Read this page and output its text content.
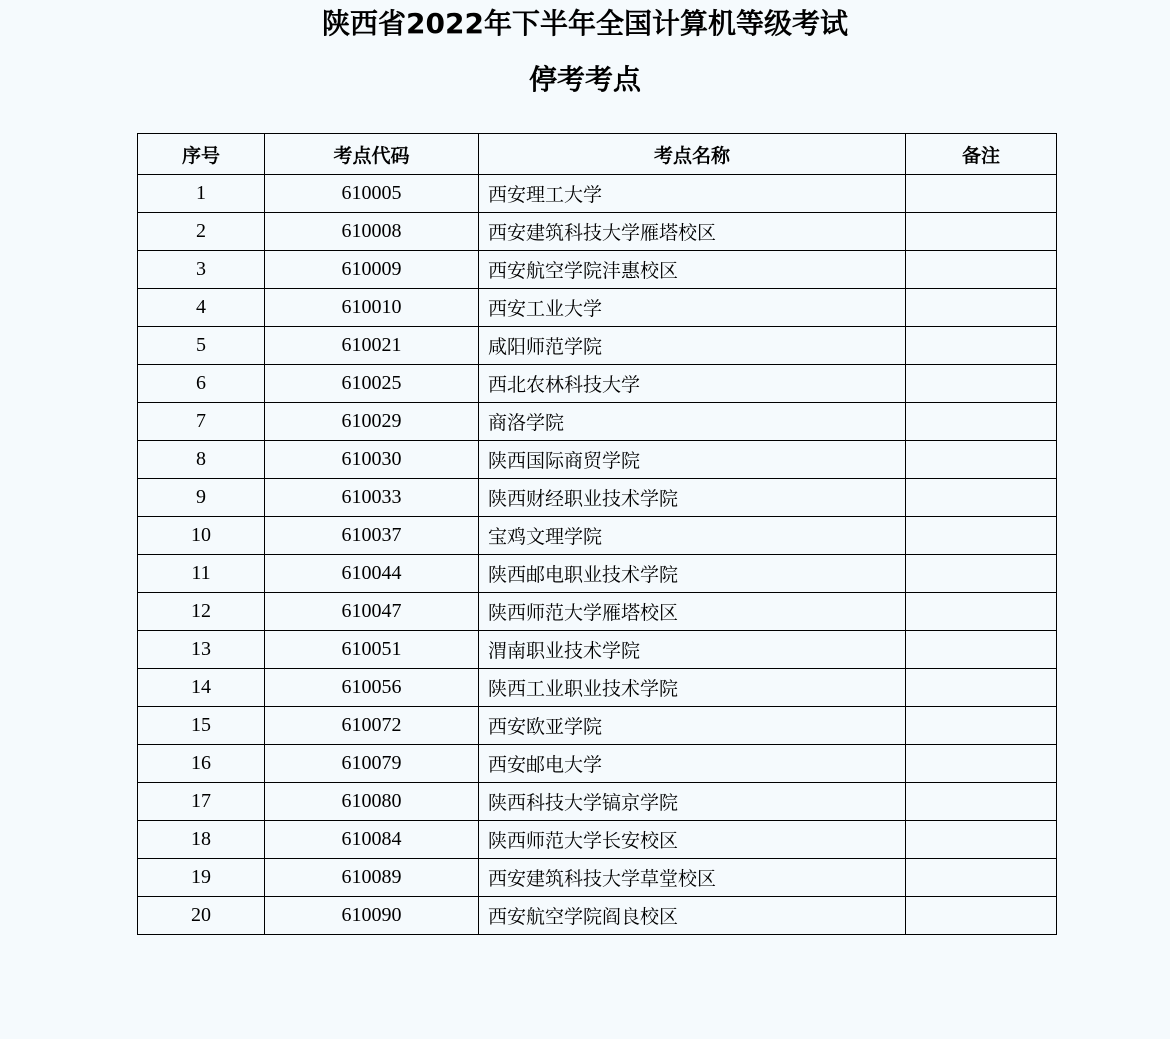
陕西省2022年下半年全国计算机等级考试
停考考点
序号	考点代码	考点名称	备注
1	610005	西安理工大学	
2	610008	西安建筑科技大学雁塔校区	
3	610009	西安航空学院沣惠校区	
4	610010	西安工业大学	
5	610021	咸阳师范学院	
6	610025	西北农林科技大学	
7	610029	商洛学院	
8	610030	陕西国际商贸学院	
9	610033	陕西财经职业技术学院	
10	610037	宝鸡文理学院	
11	610044	陕西邮电职业技术学院	
12	610047	陕西师范大学雁塔校区	
13	610051	渭南职业技术学院	
14	610056	陕西工业职业技术学院	
15	610072	西安欧亚学院	
16	610079	西安邮电大学	
17	610080	陕西科技大学镐京学院	
18	610084	陕西师范大学长安校区	
19	610089	西安建筑科技大学草堂校区	
20	610090	西安航空学院阎良校区	
